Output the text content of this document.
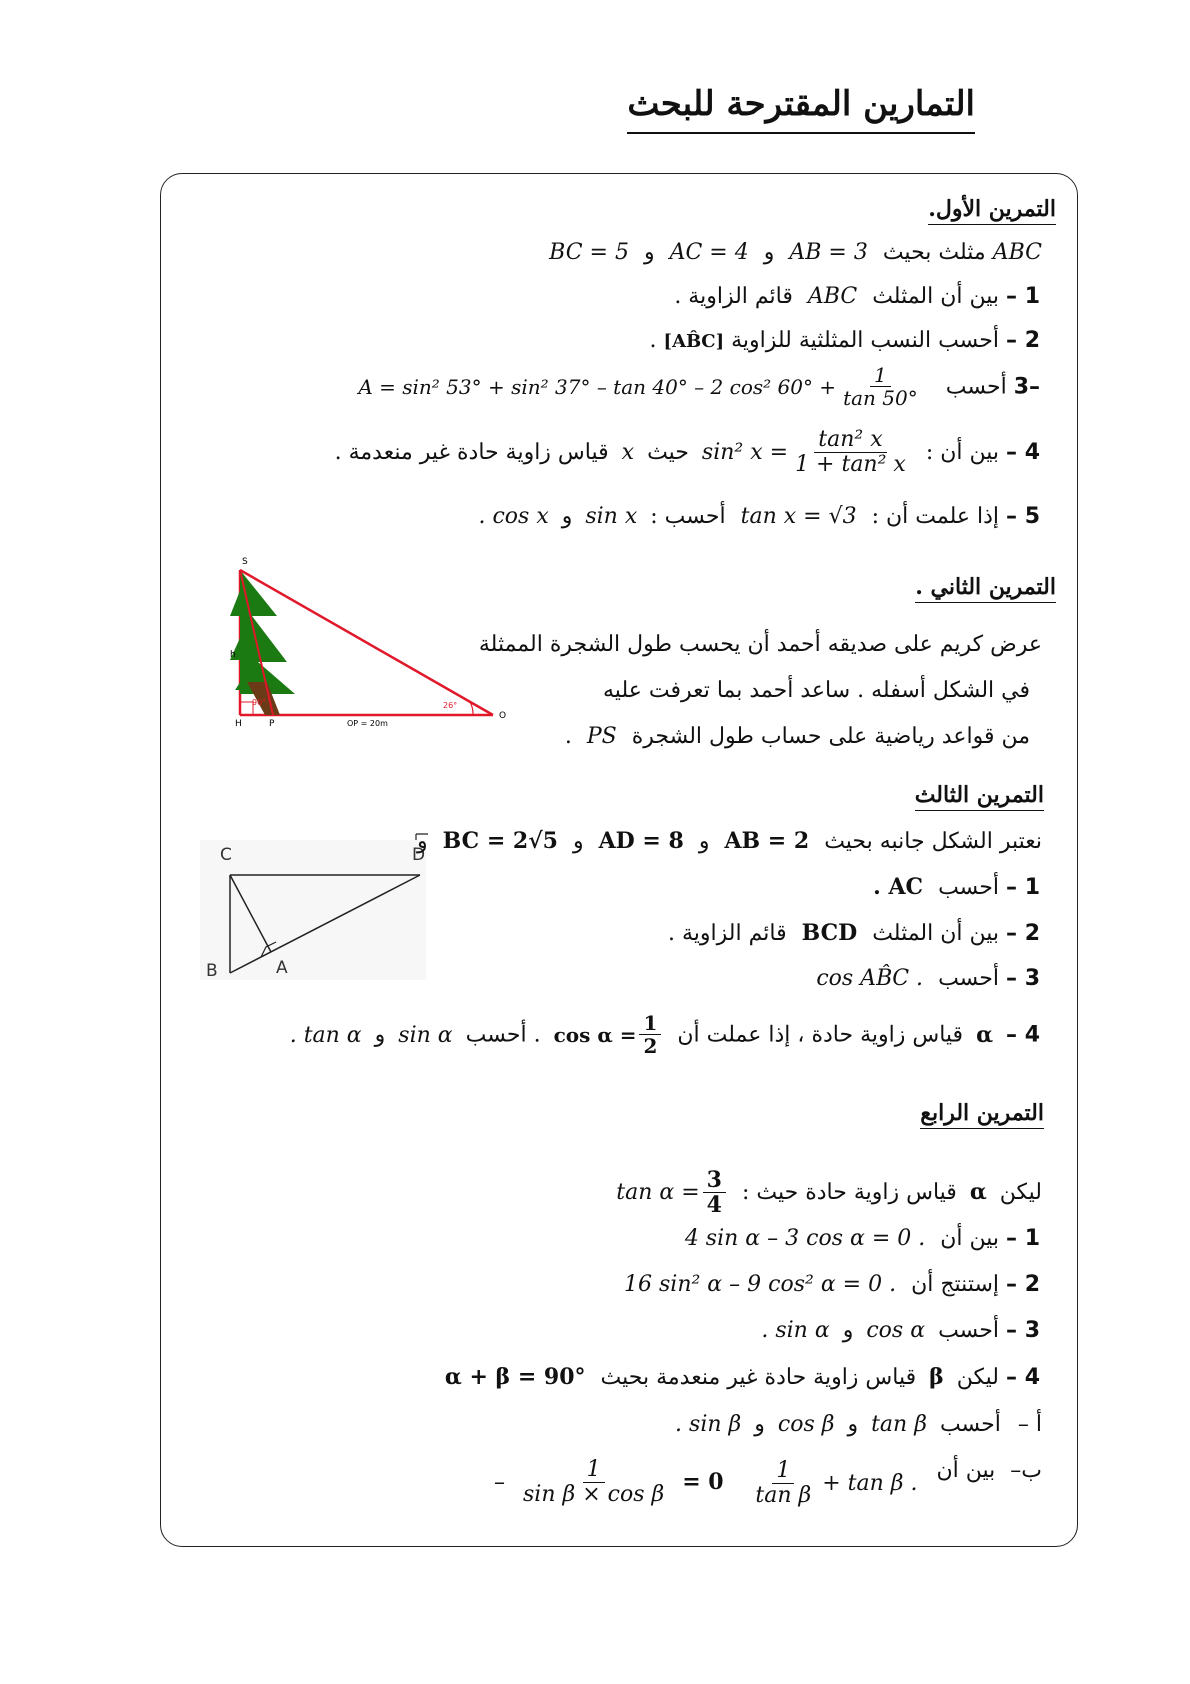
التمارين المقترحة للبحث
التمرين الأول.
ABC مثلث بحيث AB = 3 و AC = 4 و BC = 5
1 – بين أن المثلث ABC قائم الزاوية .
2 – أحسب النسب المثلثية للزاوية [AB̂C] .
–3 أحسب
A = sin² 53° + sin² 37° – tan 40° – 2 cos² $60^\circ + \frac{1}{\tan 50^\circ}$
4 – بين أن :
sin² $x = \frac{\text{tan² x}}{\text{1 + tan² x}}$
حيث x قياس زاوية حادة غير منعدمة .
5 – إذا علمت أن : tan x = √3 أحسب : sin x و cos x .
التمرين الثاني .
S
h
H	P
O
90°	26°
OP = 20m
عرض كريم على صديقه أحمد أن يحسب طول الشجرة الممثلة
في الشكل أسفله . ساعد أحمد بما تعرفت عليه
من قواعد رياضية على حساب طول الشجرة PS .
التمرين الثالث
C	D
B	A
نعتبر الشكل جانبه بحيث AB = 2 و AD = 8 و BC = 2√5 و
1 – أحسب AC .
2 – بين أن المثلث BCD قائم الزاوية .
3 – أحسب cos AB̂C .
4 – α قياس زاوية حادة ، إذا عملت أن
$\cos \alpha = \frac{1}{2}$
. أحسب sin α و tan α .
التمرين الرابع
ليكن α قياس زاوية حادة حيث :
$\tan \alpha = \frac{3}{4}$
1 – بين أن 4 sin α – 3 cos α = 0 .
2 – إستنتج أن 16 sin² α – 9 cos² α = 0 .
3 – أحسب cos α و sin α .
4 – ليكن β قياس زاوية حادة غير منعدمة بحيث α + β = 90°
أ – أحسب tan β و cos β و sin β .
ب– بين أن
$\frac{1}{\text{tan β}} + \tan \beta$ .
– $\frac{1}{\text{sin β × cos β}} = 0$
